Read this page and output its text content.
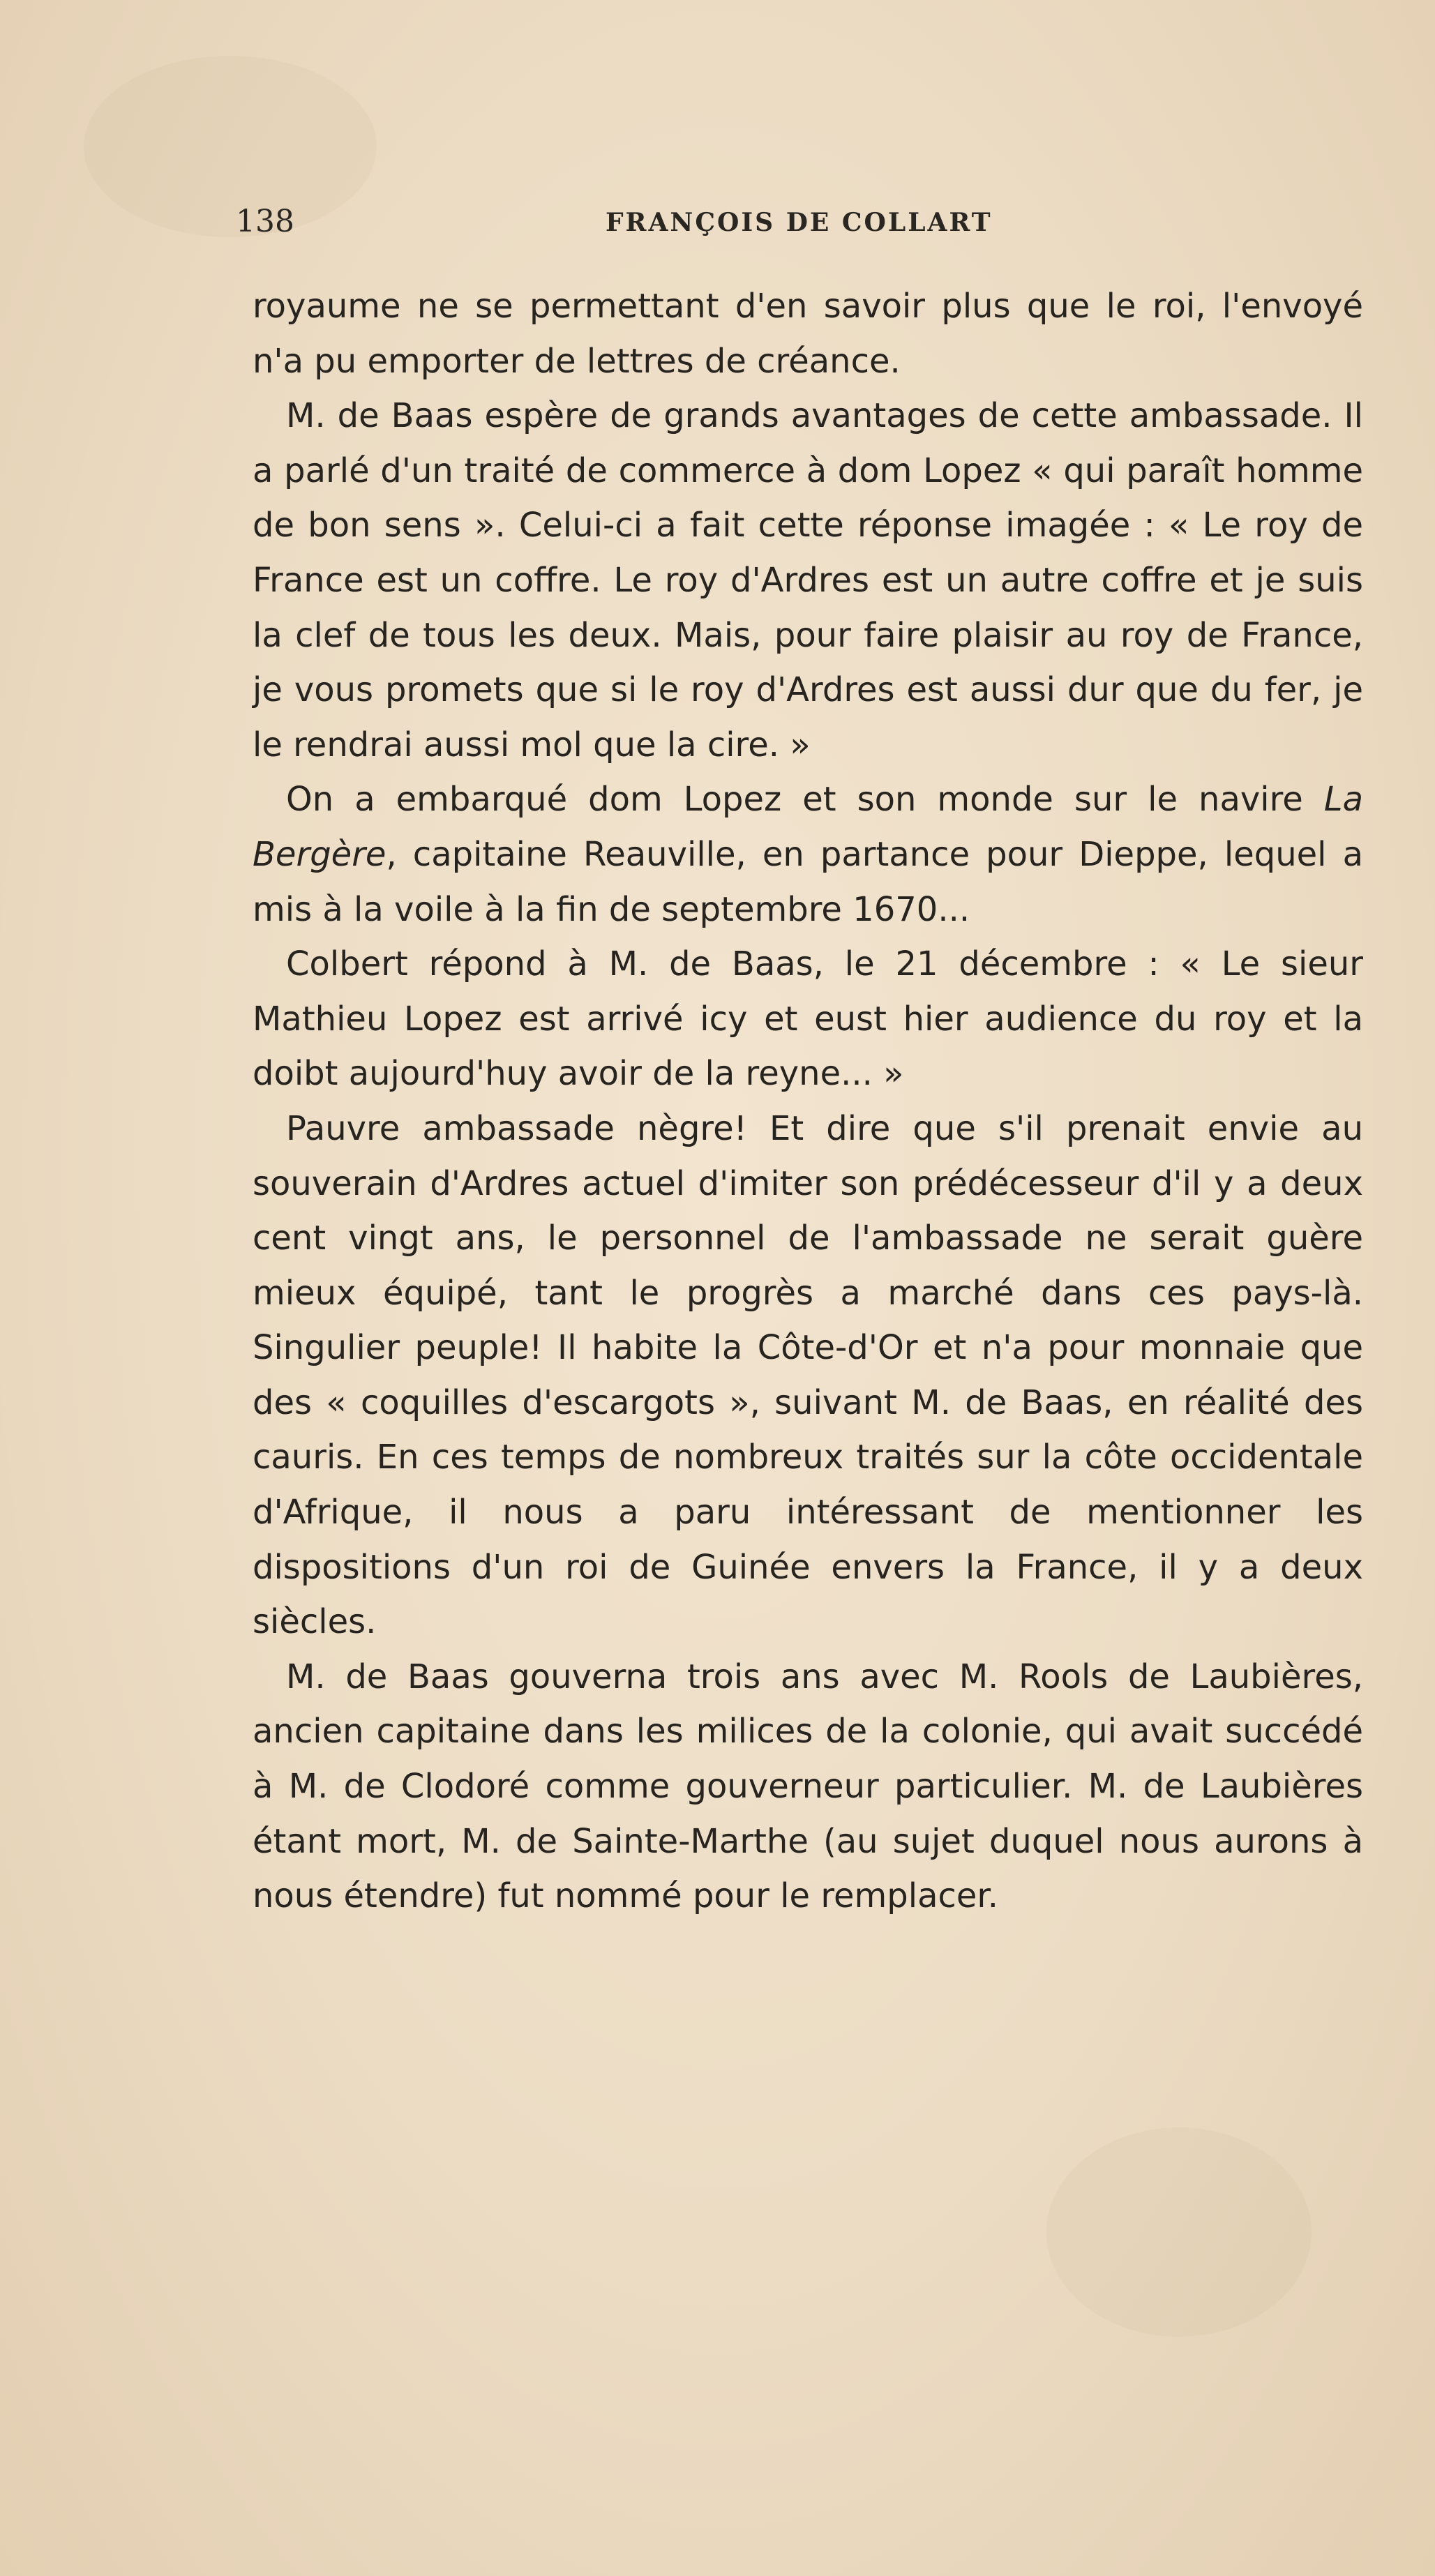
138	FRANÇOIS DE COLLART

royaume ne se permettant d'en savoir plus que le roi, l'envoyé n'a pu emporter de lettres de créance.

M. de Baas espère de grands avantages de cette ambassade. Il a parlé d'un traité de commerce à dom Lopez « qui paraît homme de bon sens ». Celui-ci a fait cette réponse imagée : « Le roy de France est un coffre. Le roy d'Ardres est un autre coffre et je suis la clef de tous les deux. Mais, pour faire plaisir au roy de France, je vous promets que si le roy d'Ardres est aussi dur que du fer, je le rendrai aussi mol que la cire. »

On a embarqué dom Lopez et son monde sur le navire La Bergère, capitaine Reauville, en partance pour Dieppe, lequel a mis à la voile à la fin de septembre 1670...

Colbert répond à M. de Baas, le 21 décembre : « Le sieur Mathieu Lopez est arrivé icy et eust hier audience du roy et la doibt aujourd'huy avoir de la reyne... »

Pauvre ambassade nègre! Et dire que s'il prenait envie au souverain d'Ardres actuel d'imiter son prédécesseur d'il y a deux cent vingt ans, le personnel de l'ambassade ne serait guère mieux équipé, tant le progrès a marché dans ces pays-là. Singulier peuple! Il habite la Côte-d'Or et n'a pour monnaie que des « coquilles d'escargots », suivant M. de Baas, en réalité des cauris. En ces temps de nombreux traités sur la côte occidentale d'Afrique, il nous a paru intéressant de mentionner les dispositions d'un roi de Guinée envers la France, il y a deux siècles.

M. de Baas gouverna trois ans avec M. Rools de Laubières, ancien capitaine dans les milices de la colonie, qui avait succédé à M. de Clodoré comme gouverneur particulier. M. de Laubières étant mort, M. de Sainte-Marthe (au sujet duquel nous aurons à nous étendre) fut nommé pour le remplacer.
